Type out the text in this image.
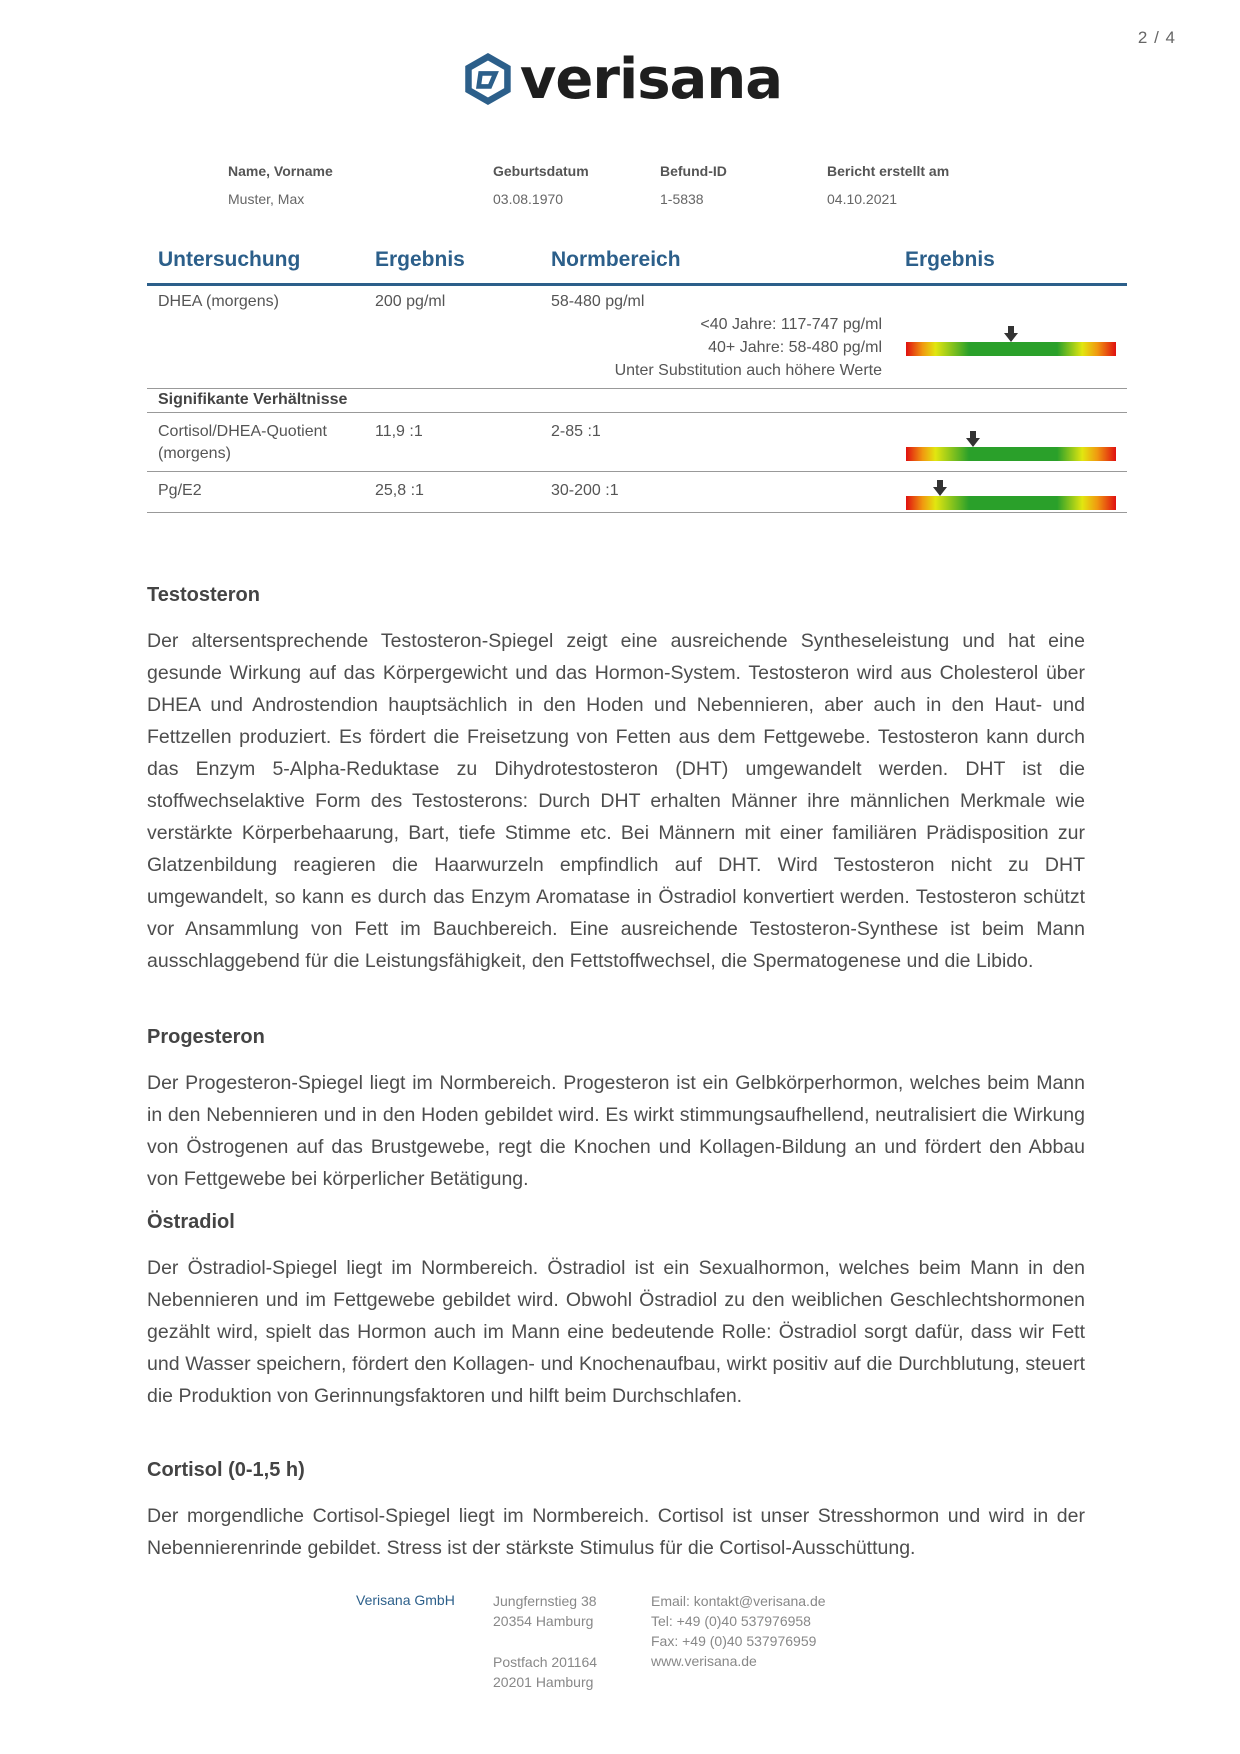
2 / 4
verisana
Name, Vorname
Muster, Max
Geburtsdatum
03.08.1970
Befund-ID
1-5838
Bericht erstellt am
04.10.2021
Untersuchung	Ergebnis	Normbereich	Ergebnis
DHEA (morgens)	200 pg/ml	58-480 pg/ml
<40 Jahre: 117-747 pg/ml
40+ Jahre: 58-480 pg/ml
Unter Substitution auch höhere Werte
Signifikante Verhältnisse
Cortisol/DHEA-Quotient
(morgens)
11,9 :1	2-85 :1
Pg/E2	25,8 :1	30-200 :1
Testosteron

Der altersentsprechende Testosteron-Spiegel zeigt eine ausreichende Syntheseleistung und hat eine gesunde Wirkung auf das Körpergewicht und das Hormon-System. Testosteron wird aus Cholesterol über DHEA und Androstendion hauptsächlich in den Hoden und Nebennieren, aber auch in den Haut- und Fettzellen produziert. Es fördert die Freisetzung von Fetten aus dem Fettgewebe. Testosteron kann durch das Enzym 5-Alpha-Reduktase zu Dihydrotestosteron (DHT) umgewandelt werden. DHT ist die stoffwechselaktive Form des Testosterons: Durch DHT erhalten Männer ihre männlichen Merkmale wie verstärkte Körperbehaarung, Bart, tiefe Stimme etc. Bei Männern mit einer familiären Prädisposition zur Glatzenbildung reagieren die Haarwurzeln empfindlich auf DHT. Wird Testosteron nicht zu DHT umgewandelt, so kann es durch das Enzym Aromatase in Östradiol konvertiert werden. Testosteron schützt vor Ansammlung von Fett im Bauchbereich. Eine ausreichende Testosteron-Synthese ist beim Mann ausschlaggebend für die Leistungsfähigkeit, den Fettstoffwechsel, die Spermatogenese und die Libido.

Progesteron

Der Progesteron-Spiegel liegt im Normbereich. Progesteron ist ein Gelbkörperhormon, welches beim Mann in den Nebennieren und in den Hoden gebildet wird. Es wirkt stimmungsaufhellend, neutralisiert die Wirkung von Östrogenen auf das Brustgewebe, regt die Knochen und Kollagen-Bildung an und fördert den Abbau von Fettgewebe bei körperlicher Betätigung.

Östradiol

Der Östradiol-Spiegel liegt im Normbereich. Östradiol ist ein Sexualhormon, welches beim Mann in den Nebennieren und im Fettgewebe gebildet wird. Obwohl Östradiol zu den weiblichen Geschlechtshormonen gezählt wird, spielt das Hormon auch im Mann eine bedeutende Rolle: Östradiol sorgt dafür, dass wir Fett und Wasser speichern, fördert den Kollagen- und Knochenaufbau, wirkt positiv auf die Durchblutung, steuert die Produktion von Gerinnungsfaktoren und hilft beim Durchschlafen.

Cortisol (0-1,5 h)

Der morgendliche Cortisol-Spiegel liegt im Normbereich. Cortisol ist unser Stresshormon und wird in der Nebennierenrinde gebildet. Stress ist der stärkste Stimulus für die Cortisol-Ausschüttung.

Verisana GmbH	Jungfernstieg 38
20354 Hamburg
Postfach 201164
20201 Hamburg
Email: kontakt@verisana.de
Tel: +49 (0)40 537976958
Fax: +49 (0)40 537976959
www.verisana.de
